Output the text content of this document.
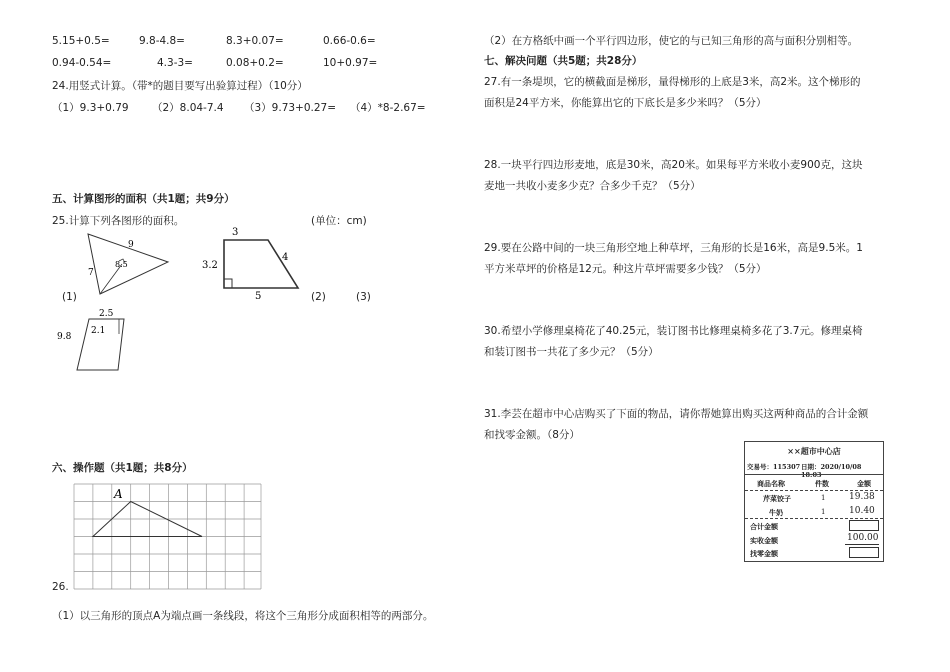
5.15+0.5=	9.8-4.8=	8.3+0.07=	0.66-0.6=
0.94-0.54=	4.3-3=	0.08+0.2=	10+0.97=
24.用竖式计算。（带*的题目要写出验算过程）（10分）
（1）9.3+0.79 （2）8.04-7.4 （3）9.73+0.27= （4）*8-2.67=
五、计算图形的面积（共1题；共9分）
25.计算下列各图形的面积。	(单位：cm)
9
7
8.5
(1)
3
3.2
4
5	(2)	(3)
2.5
2.1
9.8
六、操作题（共1题；共8分）
A
26.
（1）以三角形的顶点A为端点画一条线段，将这个三角形分成面积相等的两部分。
（2）在方格纸中画一个平行四边形，使它的与已知三角形的高与面积分别相等。
七、解决问题（共5题；共28分）
27.有一条堤坝，它的横截面是梯形，量得梯形的上底是3米，高2米。这个梯形的
面积是24平方米，你能算出它的下底长是多少米吗？（5分）
28.一块平行四边形麦地，底是30米，高20米。如果每平方米收小麦900克，这块
麦地一共收小麦多少克？合多少千克？（5分）
29.要在公路中间的一块三角形空地上种草坪，三角形的长是16米，高是9.5米。1
平方米草坪的价格是12元。种这片草坪需要多少钱？（5分）
30.希望小学修理桌椅花了40.25元，装订图书比修理桌椅多花了3.7元。修理桌椅
和装订图书一共花了多少元？（5分）
31.李芸在超市中心店购买了下面的物品，请你帮她算出购买这两种商品的合计金额
和找零金额。（8分）
××超市中心店
交易号：115307 日期：2020/10/08 18:03
商品名称	件数	金额
芹菜饺子	1	19.38
牛奶	1	10.40
合计金额
实收金额	100.00
找零金额
